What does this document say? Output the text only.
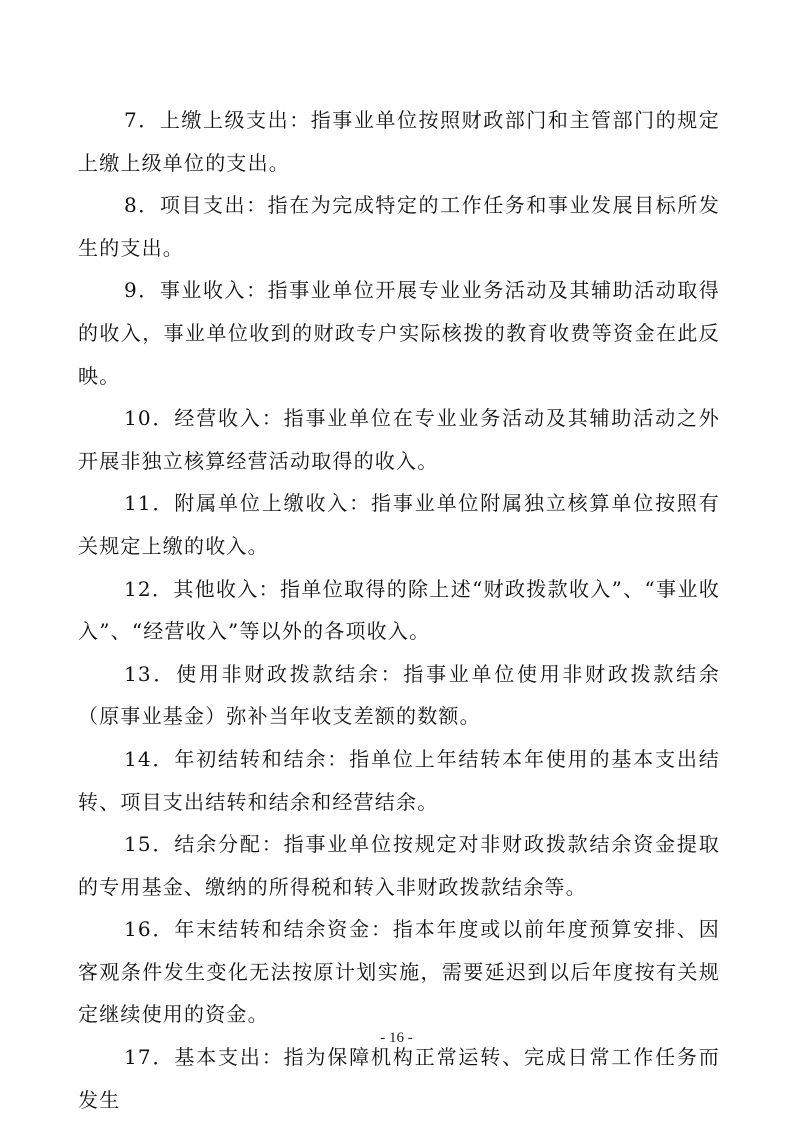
7．上缴上级支出：指事业单位按照财政部门和主管部门的规定上缴上级单位的支出。

8．项目支出：指在为完成特定的工作任务和事业发展目标所发生的支出。

9．事业收入：指事业单位开展专业业务活动及其辅助活动取得的收入，事业单位收到的财政专户实际核拨的教育收费等资金在此反映。

10．经营收入：指事业单位在专业业务活动及其辅助活动之外开展非独立核算经营活动取得的收入。

11．附属单位上缴收入：指事业单位附属独立核算单位按照有关规定上缴的收入。

12．其他收入：指单位取得的除上述“财政拨款收入”、“事业收入”、“经营收入”等以外的各项收入。

13．使用非财政拨款结余：指事业单位使用非财政拨款结余（原事业基金）弥补当年收支差额的数额。

14．年初结转和结余：指单位上年结转本年使用的基本支出结转、项目支出结转和结余和经营结余。

15．结余分配：指事业单位按规定对非财政拨款结余资金提取的专用基金、缴纳的所得税和转入非财政拨款结余等。

16．年末结转和结余资金：指本年度或以前年度预算安排、因客观条件发生变化无法按原计划实施，需要延迟到以后年度按有关规定继续使用的资金。

17．基本支出：指为保障机构正常运转、完成日常工作任务而发生

- 16 -
